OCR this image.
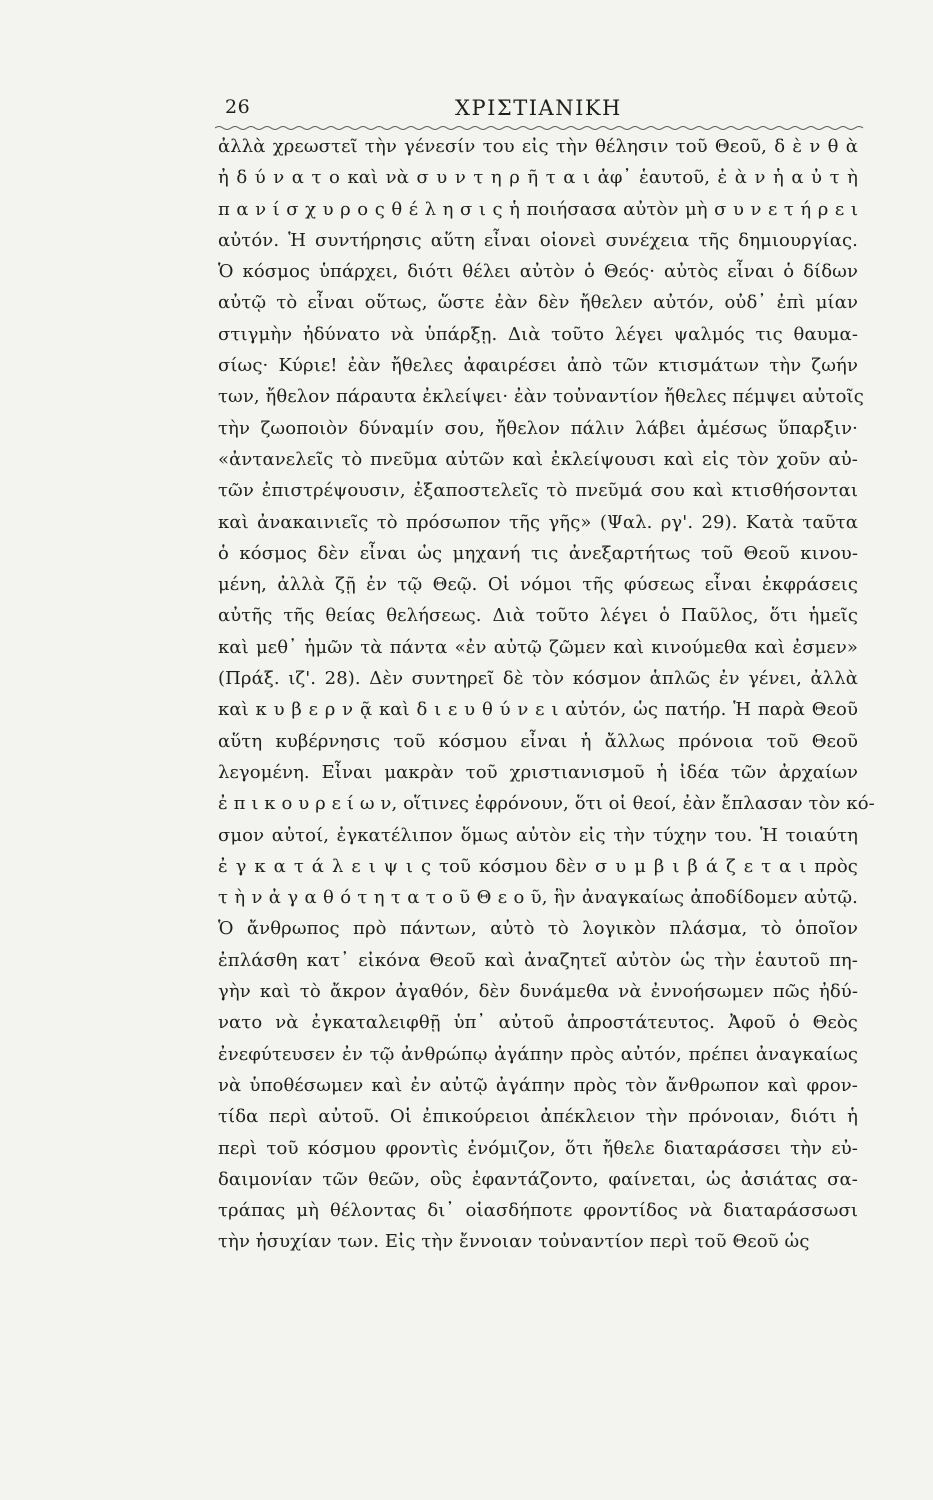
26	ΧΡΙΣΤΙΑΝΙΚΗ
ἀλλὰ χρεωστεῖ τὴν γένεσίν του εἰς τὴν θέλησιν τοῦ Θεοῦ, δ ὲ ν θ ὰ
ἠ δ ύ ν α τ ο καὶ νὰ σ υ ν τ η ρ ῆ τ α ι ἀφ᾽ ἑαυτοῦ, ἐ ὰ ν ἡ α ὐ τ ὴ
π α ν ί σ χ υ ρ ο ς θ έ λ η σ ι ς ἡ ποιήσασα αὐτὸν μὴ σ υ ν ε τ ή ρ ε ι
αὐτόν. Ἡ συντήρησις αὕτη εἶναι οἱονεὶ συνέχεια τῆς δημιουργίας.
Ὁ κόσμος ὑπάρχει, διότι θέλει αὐτὸν ὁ Θεός· αὐτὸς εἶναι ὁ δίδων
αὐτῷ τὸ εἶναι οὕτως, ὥστε ἐὰν δὲν ἤθελεν αὐτόν, οὐδ᾽ ἐπὶ μίαν
στιγμὴν ἠδύνατο νὰ ὑπάρξῃ. Διὰ τοῦτο λέγει ψαλμός τις θαυμα-
σίως· Κύριε! ἐὰν ἤθελες ἀφαιρέσει ἀπὸ τῶν κτισμάτων τὴν ζωήν
των, ἤθελον πάραυτα ἐκλείψει· ἐὰν τοὐναντίον ἤθελες πέμψει αὐτοῖς
τὴν ζωοποιὸν δύναμίν σου, ἤθελον πάλιν λάβει ἀμέσως ὕπαρξιν·
«ἀντανελεῖς τὸ πνεῦμα αὐτῶν καὶ ἐκλείψουσι καὶ εἰς τὸν χοῦν αὐ-
τῶν ἐπιστρέψουσιν, ἐξαποστελεῖς τὸ πνεῦμά σου καὶ κτισθήσονται
καὶ ἀνακαινιεῖς τὸ πρόσωπον τῆς γῆς» (Ψαλ. ργ'. 29). Κατὰ ταῦτα
ὁ κόσμος δὲν εἶναι ὡς μηχανή τις ἀνεξαρτήτως τοῦ Θεοῦ κινου-
μένη, ἀλλὰ ζῇ ἐν τῷ Θεῷ. Οἱ νόμοι τῆς φύσεως εἶναι ἐκφράσεις
αὐτῆς τῆς θείας θελήσεως. Διὰ τοῦτο λέγει ὁ Παῦλος, ὅτι ἡμεῖς
καὶ μεθ᾽ ἡμῶν τὰ πάντα «ἐν αὐτῷ ζῶμεν καὶ κινούμεθα καὶ ἐσμεν»
(Πράξ. ιζ'. 28). Δὲν συντηρεῖ δὲ τὸν κόσμον ἁπλῶς ἐν γένει, ἀλλὰ
καὶ κ υ β ε ρ ν ᾷ καὶ δ ι ε υ θ ύ ν ε ι αὐτόν, ὡς πατήρ. Ἡ παρὰ Θεοῦ
αὕτη κυβέρνησις τοῦ κόσμου εἶναι ἡ ἄλλως πρόνοια τοῦ Θεοῦ
λεγομένη. Εἶναι μακρὰν τοῦ χριστιανισμοῦ ἡ ἰδέα τῶν ἀρχαίων
ἐ π ι κ ο υ ρ ε ί ω ν, οἵτινες ἐφρόνουν, ὅτι οἱ θεοί, ἐὰν ἔπλασαν τὸν κό-
σμον αὐτοί, ἐγκατέλιπον ὅμως αὐτὸν εἰς τὴν τύχην του. Ἡ τοιαύτη
ἐ γ κ α τ ά λ ε ι ψ ι ς τοῦ κόσμου δὲν σ υ μ β ι β ά ζ ε τ α ι πρὸς
τ ὴ ν ἀ γ α θ ό τ η τ α τ ο ῦ Θ ε ο ῦ, ἣν ἀναγκαίως ἀποδίδομεν αὐτῷ.
Ὁ ἄνθρωπος πρὸ πάντων, αὐτὸ τὸ λογικὸν πλάσμα, τὸ ὁποῖον
ἐπλάσθη κατ᾽ εἰκόνα Θεοῦ καὶ ἀναζητεῖ αὐτὸν ὡς τὴν ἑαυτοῦ πη-
γὴν καὶ τὸ ἄκρον ἀγαθόν, δὲν δυνάμεθα νὰ ἐννοήσωμεν πῶς ἠδύ-
νατο νὰ ἐγκαταλειφθῇ ὑπ᾽ αὐτοῦ ἀπροστάτευτος. Ἀφοῦ ὁ Θεὸς
ἐνεφύτευσεν ἐν τῷ ἀνθρώπῳ ἀγάπην πρὸς αὐτόν, πρέπει ἀναγκαίως
νὰ ὑποθέσωμεν καὶ ἐν αὐτῷ ἀγάπην πρὸς τὸν ἄνθρωπον καὶ φρον-
τίδα περὶ αὐτοῦ. Οἱ ἐπικούρειοι ἀπέκλειον τὴν πρόνοιαν, διότι ἡ
περὶ τοῦ κόσμου φροντὶς ἐνόμιζον, ὅτι ἤθελε διαταράσσει τὴν εὐ-
δαιμονίαν τῶν θεῶν, οὓς ἐφαντάζοντο, φαίνεται, ὡς ἀσιάτας σα-
τράπας μὴ θέλοντας δι᾽ οἱασδήποτε φροντίδος νὰ διαταράσσωσι
τὴν ἡσυχίαν των. Εἰς τὴν ἔννοιαν τοὐναντίον περὶ τοῦ Θεοῦ ὡς
